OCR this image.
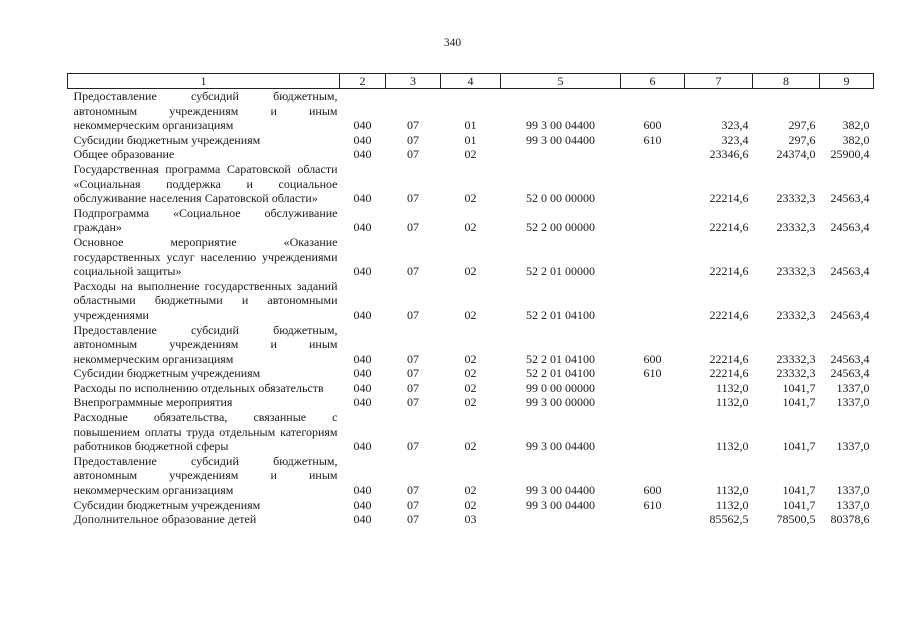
340
1	2	3	4	5	6	7	8	9
Предоставление субсидий бюджетным, автономным учреждениям и иным некоммерческим организациям	040	07	01	99 3 00 04400	600	323,4	297,6	382,0
Субсидии бюджетным учреждениям	040	07	01	99 3 00 04400	610	323,4	297,6	382,0
Общее образование	040	07	02			23346,6	24374,0	25900,4
Государственная программа Саратовской области «Социальная поддержка и социальное обслуживание населения Саратовской области»	040	07	02	52 0 00 00000		22214,6	23332,3	24563,4
Подпрограмма «Социальное обслуживание граждан»	040	07	02	52 2 00 00000		22214,6	23332,3	24563,4
Основное мероприятие «Оказание государственных услуг населению учреждениями социальной защиты»	040	07	02	52 2 01 00000		22214,6	23332,3	24563,4
Расходы на выполнение государственных заданий областными бюджетными и автономными учреждениями	040	07	02	52 2 01 04100		22214,6	23332,3	24563,4
Предоставление субсидий бюджетным, автономным учреждениям и иным некоммерческим организациям	040	07	02	52 2 01 04100	600	22214,6	23332,3	24563,4
Субсидии бюджетным учреждениям	040	07	02	52 2 01 04100	610	22214,6	23332,3	24563,4
Расходы по исполнению отдельных обязательств	040	07	02	99 0 00 00000		1132,0	1041,7	1337,0
Внепрограммные мероприятия	040	07	02	99 3 00 00000		1132,0	1041,7	1337,0
Расходные обязательства, связанные с повышением оплаты труда отдельным категориям работников бюджетной сферы	040	07	02	99 3 00 04400		1132,0	1041,7	1337,0
Предоставление субсидий бюджетным, автономным учреждениям и иным некоммерческим организациям	040	07	02	99 3 00 04400	600	1132,0	1041,7	1337,0
Субсидии бюджетным учреждениям	040	07	02	99 3 00 04400	610	1132,0	1041,7	1337,0
Дополнительное образование детей	040	07	03			85562,5	78500,5	80378,6
